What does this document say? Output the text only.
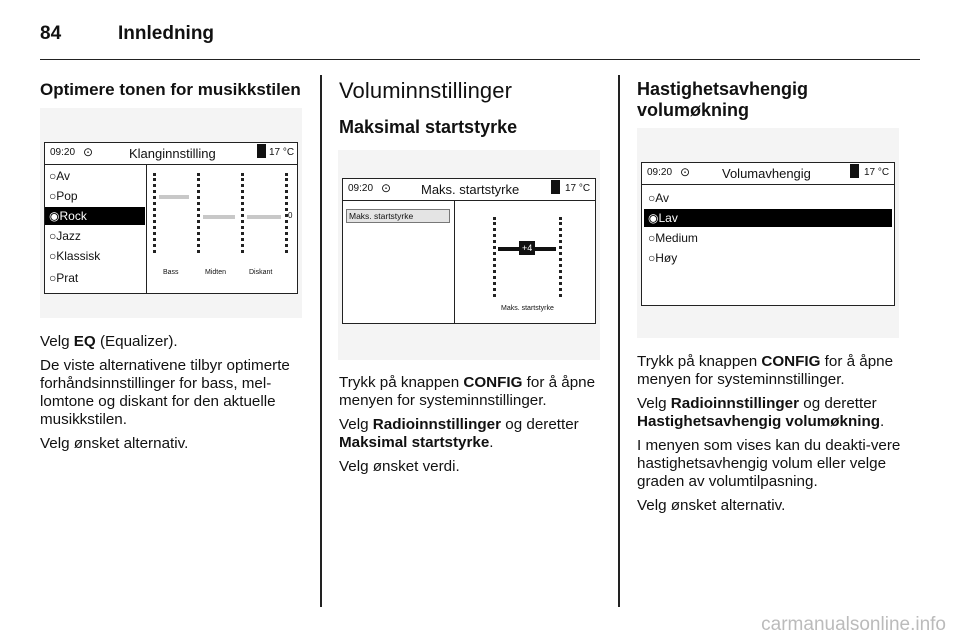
84	Innledning
Optimere tonen for musikkstilen
09:20 ⊙	Klanginnstilling	17 °C
○Av
○Pop
◉Rock
○Jazz
○Klassisk
○Prat
0
Bass	Midten	Diskant

Velg EQ (Equalizer).

De viste alternativene tilbyr optimerte forhåndsinnstillinger for bass, mel-lomtone og diskant for den aktuelle musikkstilen.

Velg ønsket alternativ.

Voluminnstillinger
Maksimal startstyrke
09:20 ⊙ Maks. startstyrke	17 °C
Maks. startstyrke
+4
Maks. startstyrke

Trykk på knappen CONFIG for å åpne menyen for systeminnstillinger.

Velg Radioinnstillinger og deretter Maksimal startstyrke.

Velg ønsket verdi.

Hastighetsavhengig volumøkning
09:20 ⊙ Volumavhengig	17 °C
○Av
◉Lav
○Medium
○Høy

Trykk på knappen CONFIG for å åpne menyen for systeminnstillinger.

Velg Radioinnstillinger og deretter Hastighetsavhengig volumøkning.

I menyen som vises kan du deakti-vere hastighetsavhengig volum eller velge graden av volumtilpasning.

Velg ønsket alternativ.

carmanualsonline.info
